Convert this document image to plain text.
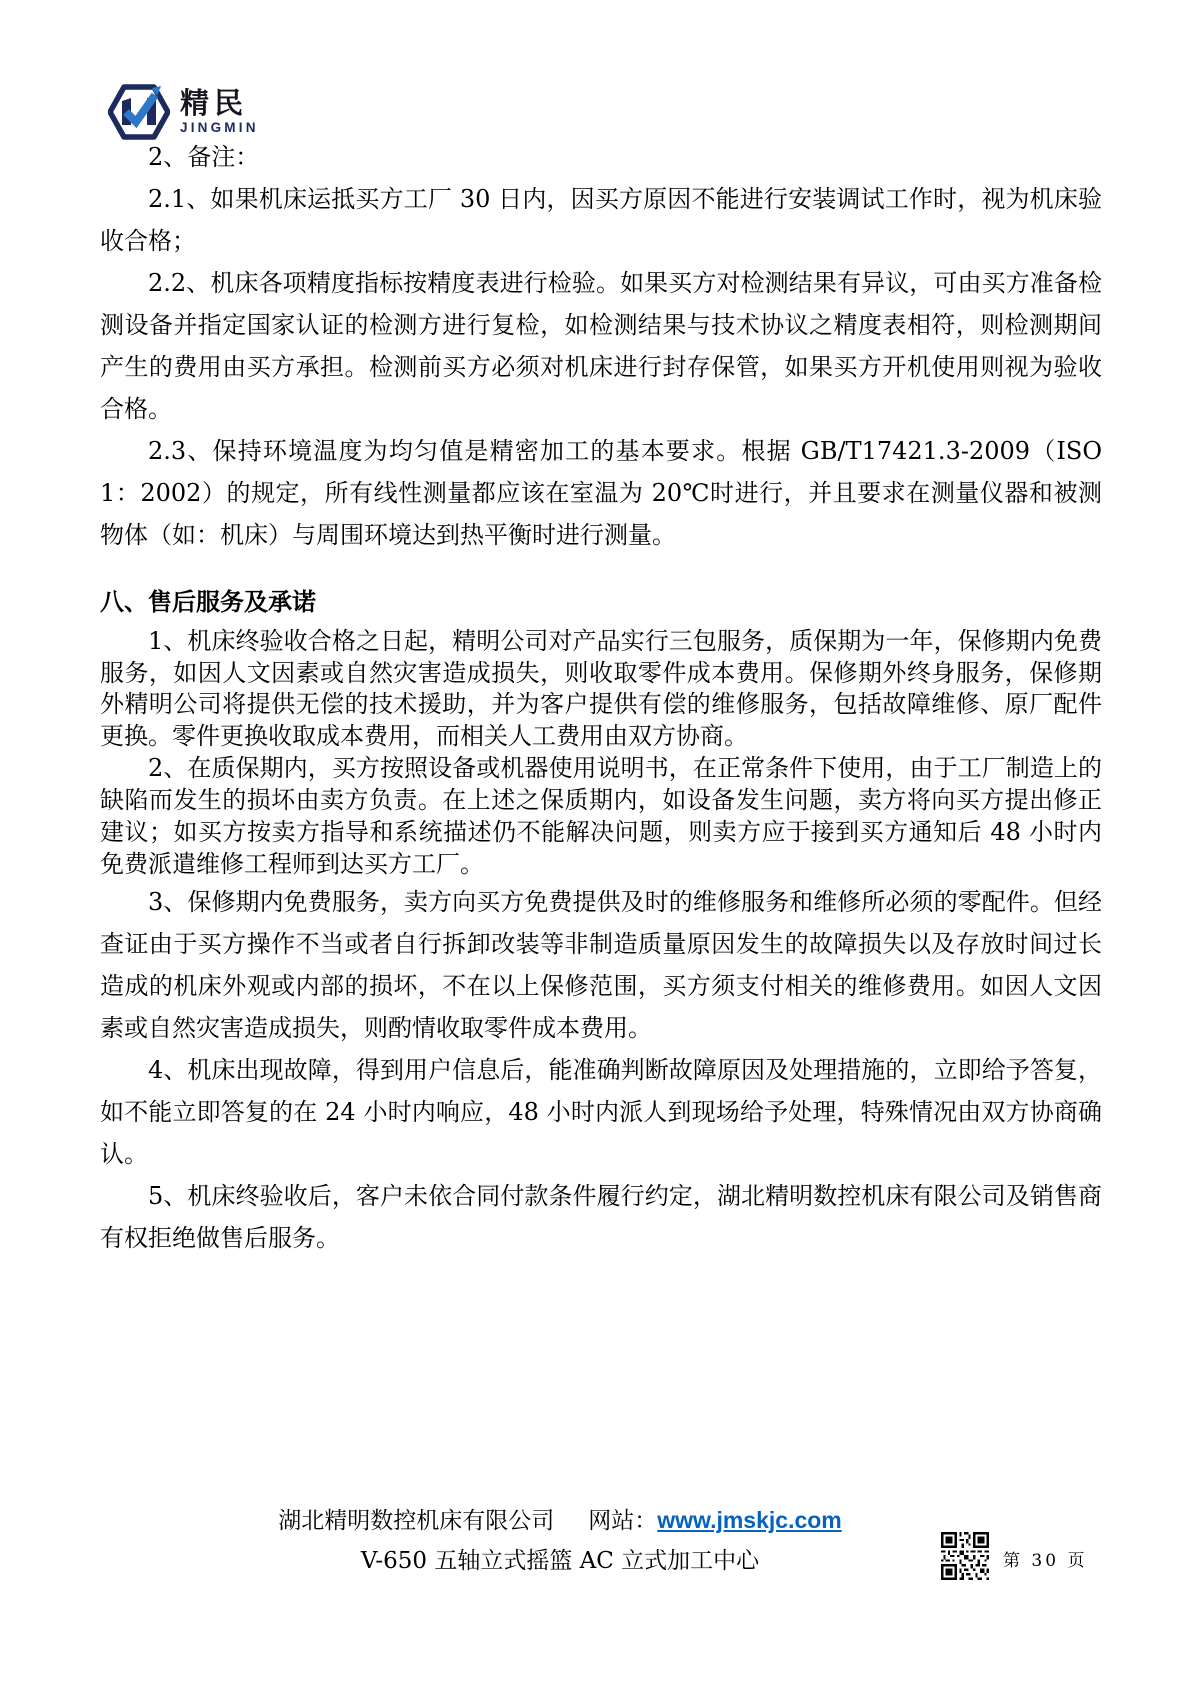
精民
JINGMIN

2、备注：

2.1、如果机床运抵买方工厂 30 日内，因买方原因不能进行安装调试工作时，视为机床验收合格；

2.2、机床各项精度指标按精度表进行检验。如果买方对检测结果有异议，可由买方准备检测设备并指定国家认证的检测方进行复检，如检测结果与技术协议之精度表相符，则检测期间产生的费用由买方承担。检测前买方必须对机床进行封存保管，如果买方开机使用则视为验收合格。

2.3、保持环境温度为均匀值是精密加工的基本要求。根据 GB/T17421.3-2009（ISO 1：2002）的规定，所有线性测量都应该在室温为 20℃时进行，并且要求在测量仪器和被测物体（如：机床）与周围环境达到热平衡时进行测量。

八、售后服务及承诺

1、机床终验收合格之日起，精明公司对产品实行三包服务，质保期为一年，保修期内免费服务，如因人文因素或自然灾害造成损失，则收取零件成本费用。保修期外终身服务，保修期外精明公司将提供无偿的技术援助，并为客户提供有偿的维修服务，包括故障维修、原厂配件更换。零件更换收取成本费用，而相关人工费用由双方协商。

2、在质保期内，买方按照设备或机器使用说明书，在正常条件下使用，由于工厂制造上的缺陷而发生的损坏由卖方负责。在上述之保质期内，如设备发生问题，卖方将向买方提出修正建议；如买方按卖方指导和系统描述仍不能解决问题，则卖方应于接到买方通知后 48 小时内免费派遣维修工程师到达买方工厂。

3、保修期内免费服务，卖方向买方免费提供及时的维修服务和维修所必须的零配件。但经查证由于买方操作不当或者自行拆卸改装等非制造质量原因发生的故障损失以及存放时间过长造成的机床外观或内部的损坏，不在以上保修范围，买方须支付相关的维修费用。如因人文因素或自然灾害造成损失，则酌情收取零件成本费用。

4、机床出现故障，得到用户信息后，能准确判断故障原因及处理措施的，立即给予答复，如不能立即答复的在 24 小时内响应，48 小时内派人到现场给予处理，特殊情况由双方协商确认。

5、机床终验收后，客户未依合同付款条件履行约定，湖北精明数控机床有限公司及销售商有权拒绝做售后服务。

湖北精明数控机床有限公司 网站：www.jmskjc.com
V-650 五轴立式摇篮 AC 立式加工中心	第 30 页
